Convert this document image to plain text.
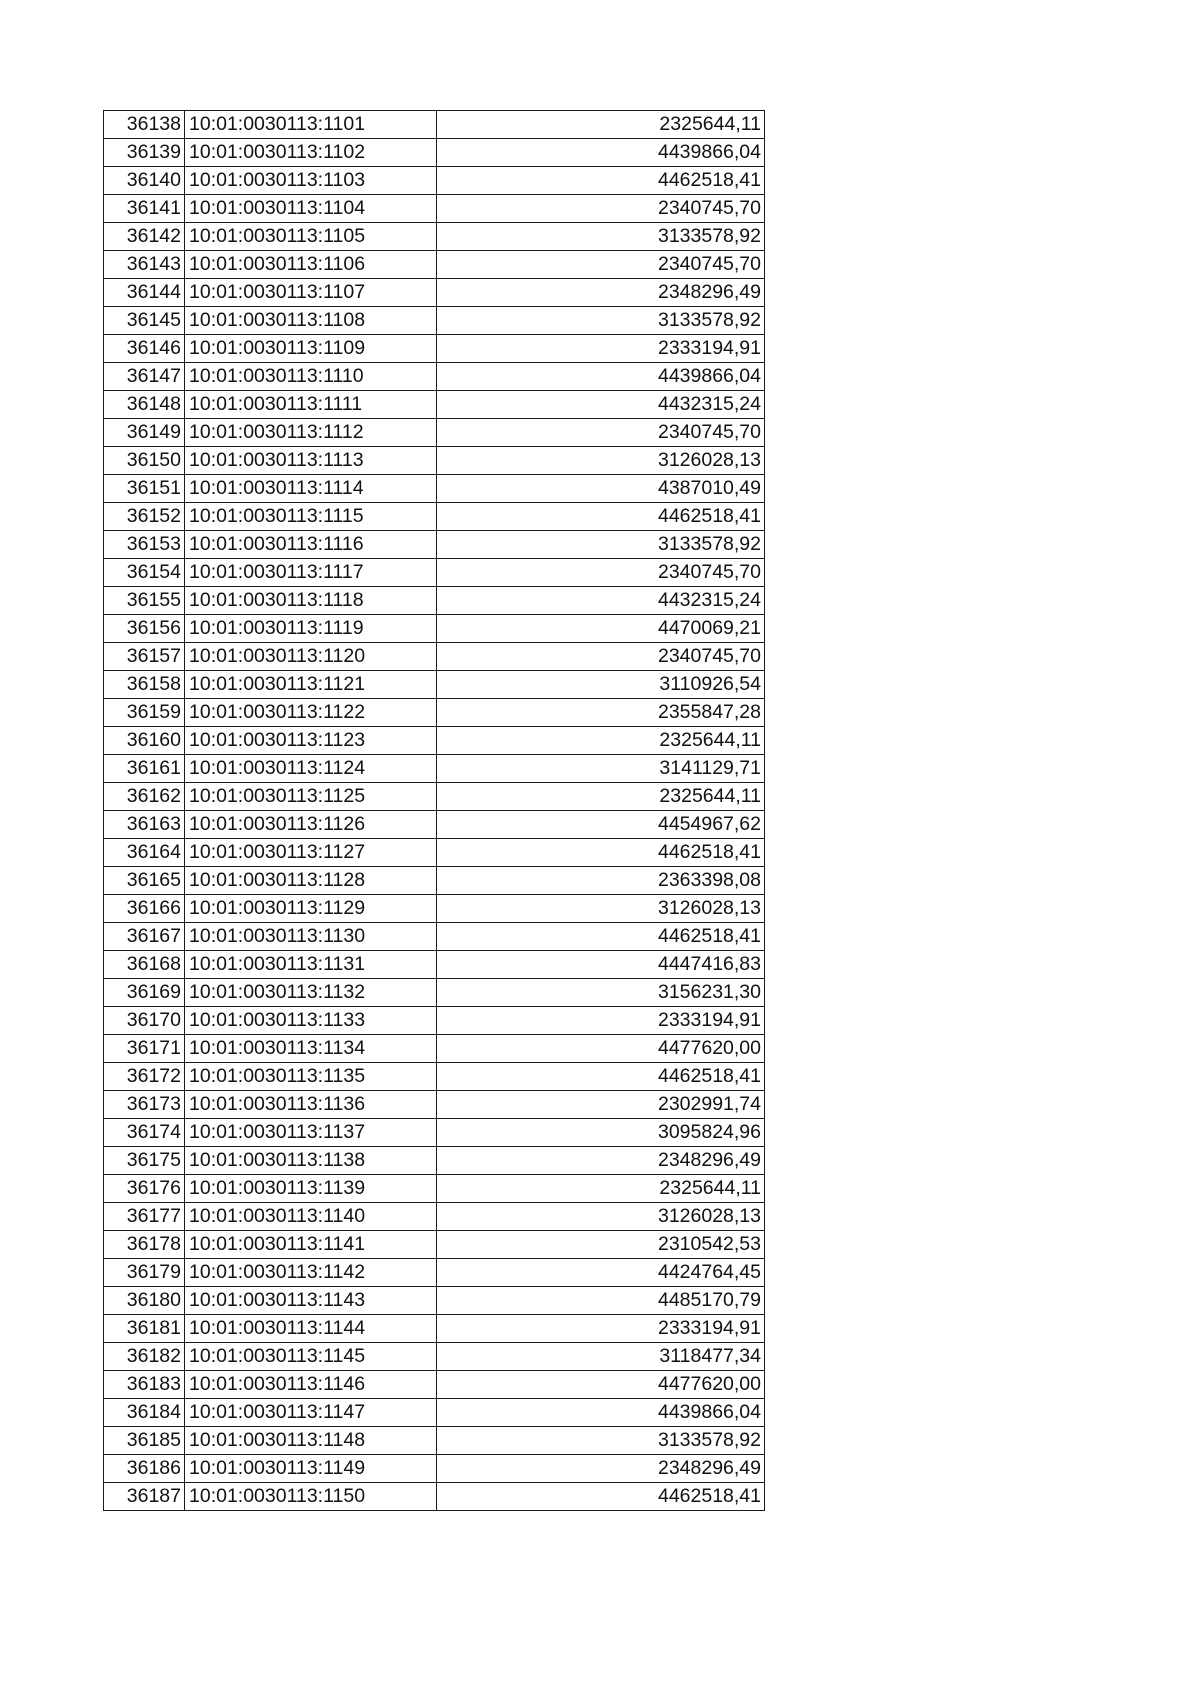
36138	10:01:0030113:1101	2325644,11
36139	10:01:0030113:1102	4439866,04
36140	10:01:0030113:1103	4462518,41
36141	10:01:0030113:1104	2340745,70
36142	10:01:0030113:1105	3133578,92
36143	10:01:0030113:1106	2340745,70
36144	10:01:0030113:1107	2348296,49
36145	10:01:0030113:1108	3133578,92
36146	10:01:0030113:1109	2333194,91
36147	10:01:0030113:1110	4439866,04
36148	10:01:0030113:1111	4432315,24
36149	10:01:0030113:1112	2340745,70
36150	10:01:0030113:1113	3126028,13
36151	10:01:0030113:1114	4387010,49
36152	10:01:0030113:1115	4462518,41
36153	10:01:0030113:1116	3133578,92
36154	10:01:0030113:1117	2340745,70
36155	10:01:0030113:1118	4432315,24
36156	10:01:0030113:1119	4470069,21
36157	10:01:0030113:1120	2340745,70
36158	10:01:0030113:1121	3110926,54
36159	10:01:0030113:1122	2355847,28
36160	10:01:0030113:1123	2325644,11
36161	10:01:0030113:1124	3141129,71
36162	10:01:0030113:1125	2325644,11
36163	10:01:0030113:1126	4454967,62
36164	10:01:0030113:1127	4462518,41
36165	10:01:0030113:1128	2363398,08
36166	10:01:0030113:1129	3126028,13
36167	10:01:0030113:1130	4462518,41
36168	10:01:0030113:1131	4447416,83
36169	10:01:0030113:1132	3156231,30
36170	10:01:0030113:1133	2333194,91
36171	10:01:0030113:1134	4477620,00
36172	10:01:0030113:1135	4462518,41
36173	10:01:0030113:1136	2302991,74
36174	10:01:0030113:1137	3095824,96
36175	10:01:0030113:1138	2348296,49
36176	10:01:0030113:1139	2325644,11
36177	10:01:0030113:1140	3126028,13
36178	10:01:0030113:1141	2310542,53
36179	10:01:0030113:1142	4424764,45
36180	10:01:0030113:1143	4485170,79
36181	10:01:0030113:1144	2333194,91
36182	10:01:0030113:1145	3118477,34
36183	10:01:0030113:1146	4477620,00
36184	10:01:0030113:1147	4439866,04
36185	10:01:0030113:1148	3133578,92
36186	10:01:0030113:1149	2348296,49
36187	10:01:0030113:1150	4462518,41
